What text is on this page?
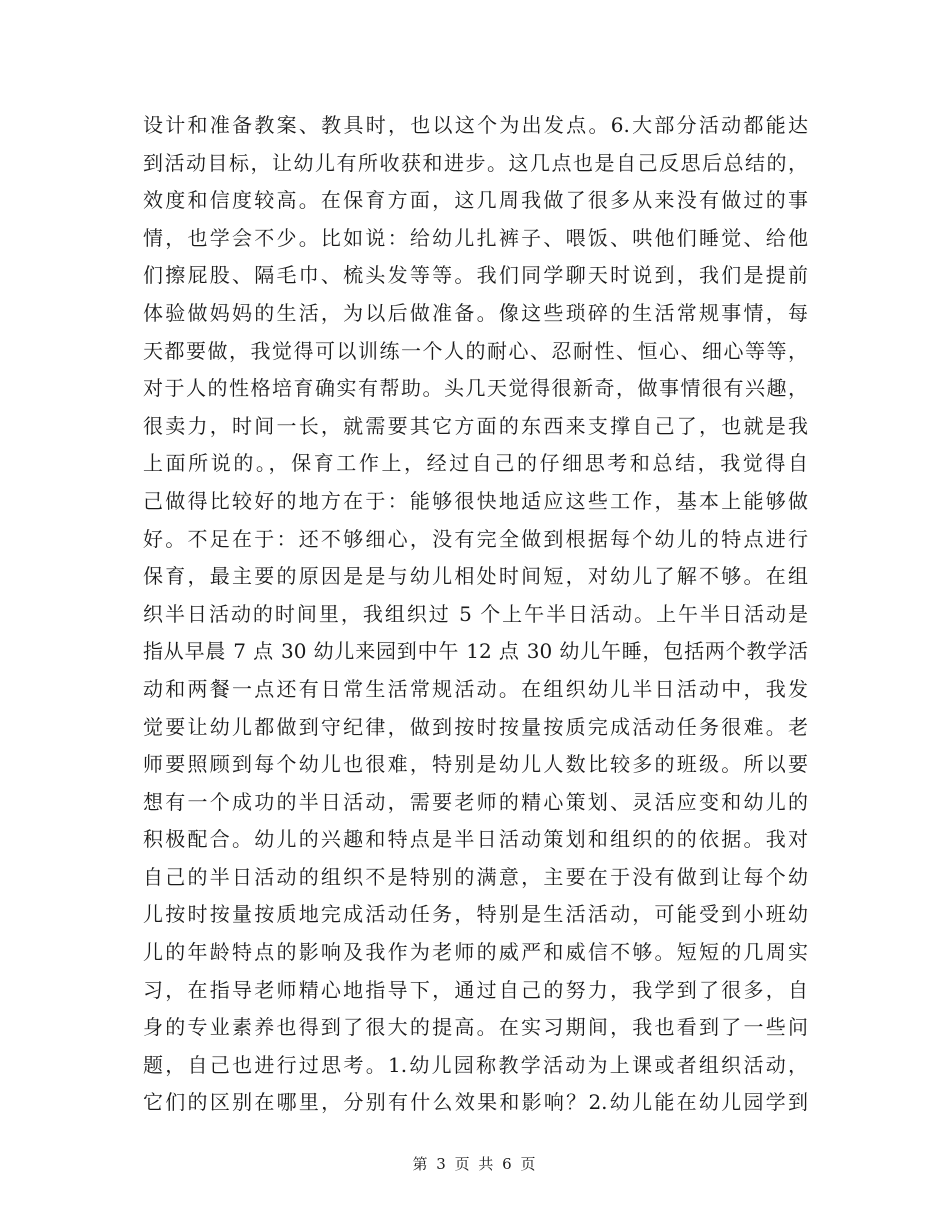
设计和准备教案、教具时，也以这个为出发点。6.大部分活动都能达
到活动目标，让幼儿有所收获和进步。这几点也是自己反思后总结的，
效度和信度较高。在保育方面，这几周我做了很多从来没有做过的事
情，也学会不少。比如说：给幼儿扎裤子、喂饭、哄他们睡觉、给他
们擦屁股、隔毛巾、梳头发等等。我们同学聊天时说到，我们是提前
体验做妈妈的生活，为以后做准备。像这些琐碎的生活常规事情，每
天都要做，我觉得可以训练一个人的耐心、忍耐性、恒心、细心等等，
对于人的性格培育确实有帮助。头几天觉得很新奇，做事情很有兴趣，
很卖力，时间一长，就需要其它方面的东西来支撑自己了，也就是我
上面所说的。，保育工作上，经过自己的仔细思考和总结，我觉得自
己做得比较好的地方在于：能够很快地适应这些工作，基本上能够做
好。不足在于：还不够细心，没有完全做到根据每个幼儿的特点进行
保育，最主要的原因是是与幼儿相处时间短，对幼儿了解不够。在组
织半日活动的时间里，我组织过 5 个上午半日活动。上午半日活动是
指从早晨 7 点 30 幼儿来园到中午 12 点 30 幼儿午睡，包括两个教学活
动和两餐一点还有日常生活常规活动。在组织幼儿半日活动中，我发
觉要让幼儿都做到守纪律，做到按时按量按质完成活动任务很难。老
师要照顾到每个幼儿也很难，特别是幼儿人数比较多的班级。所以要
想有一个成功的半日活动，需要老师的精心策划、灵活应变和幼儿的
积极配合。幼儿的兴趣和特点是半日活动策划和组织的的依据。我对
自己的半日活动的组织不是特别的满意，主要在于没有做到让每个幼
儿按时按量按质地完成活动任务，特别是生活活动，可能受到小班幼
儿的年龄特点的影响及我作为老师的威严和威信不够。短短的几周实
习，在指导老师精心地指导下，通过自己的努力，我学到了很多，自
身的专业素养也得到了很大的提高。在实习期间，我也看到了一些问
题，自己也进行过思考。1.幼儿园称教学活动为上课或者组织活动，
它们的区别在哪里，分别有什么效果和影响？2.幼儿能在幼儿园学到
第 3 页 共 6 页
